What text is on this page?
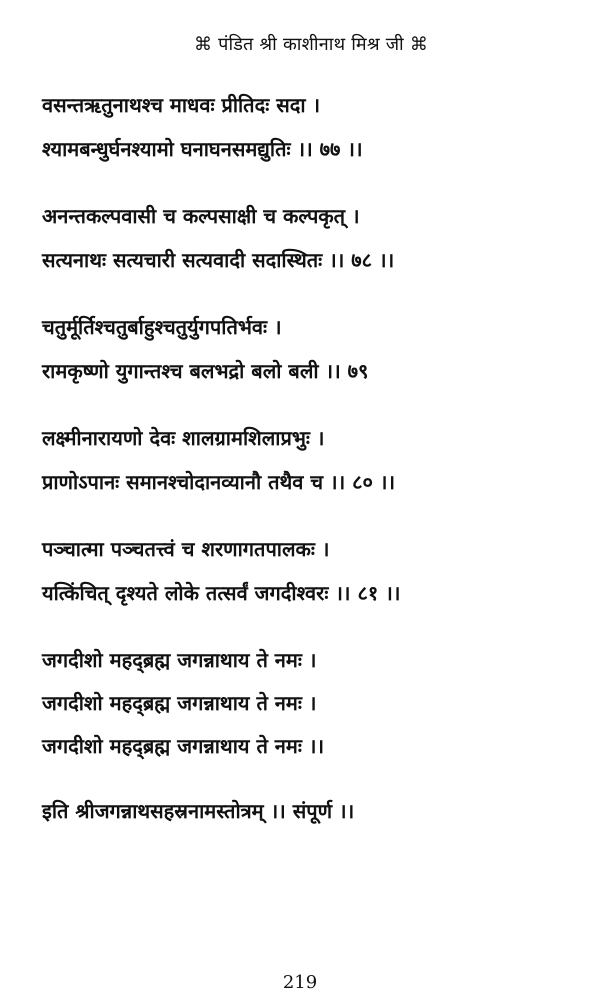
⌘ पंडित श्री काशीनाथ मिश्र जी ⌘
वसन्तऋतुनाथश्च माधवः प्रीतिदः सदा ।
श्यामबन्धुर्घनश्यामो घनाघनसमद्युतिः ।। ७७ ।।
अनन्तकल्पवासी च कल्पसाक्षी च कल्पकृत् ।
सत्यनाथः सत्यचारी सत्यवादी सदास्थितः ।। ७८ ।।
चतुर्मूर्तिश्चतुर्बाहुश्चतुर्युगपतिर्भवः ।
रामकृष्णो युगान्तश्च बलभद्रो बलो बली ।। ७९
लक्ष्मीनारायणो देवः शालग्रामशिलाप्रभुः ।
प्राणोऽपानः समानश्चोदानव्यानौ तथैव च ।। ८० ।।
पञ्चात्मा पञ्चतत्त्वं च शरणागतपालकः ।
यत्किंचित् दृश्यते लोके तत्सर्वं जगदीश्वरः ।। ८१ ।।
जगदीशो महद्ब्रह्म जगन्नाथाय ते नमः ।
जगदीशो महद्ब्रह्म जगन्नाथाय ते नमः ।
जगदीशो महद्ब्रह्म जगन्नाथाय ते नमः ।।
इति श्रीजगन्नाथसहस्रनामस्तोत्रम् ।। संपूर्ण ।।
219
